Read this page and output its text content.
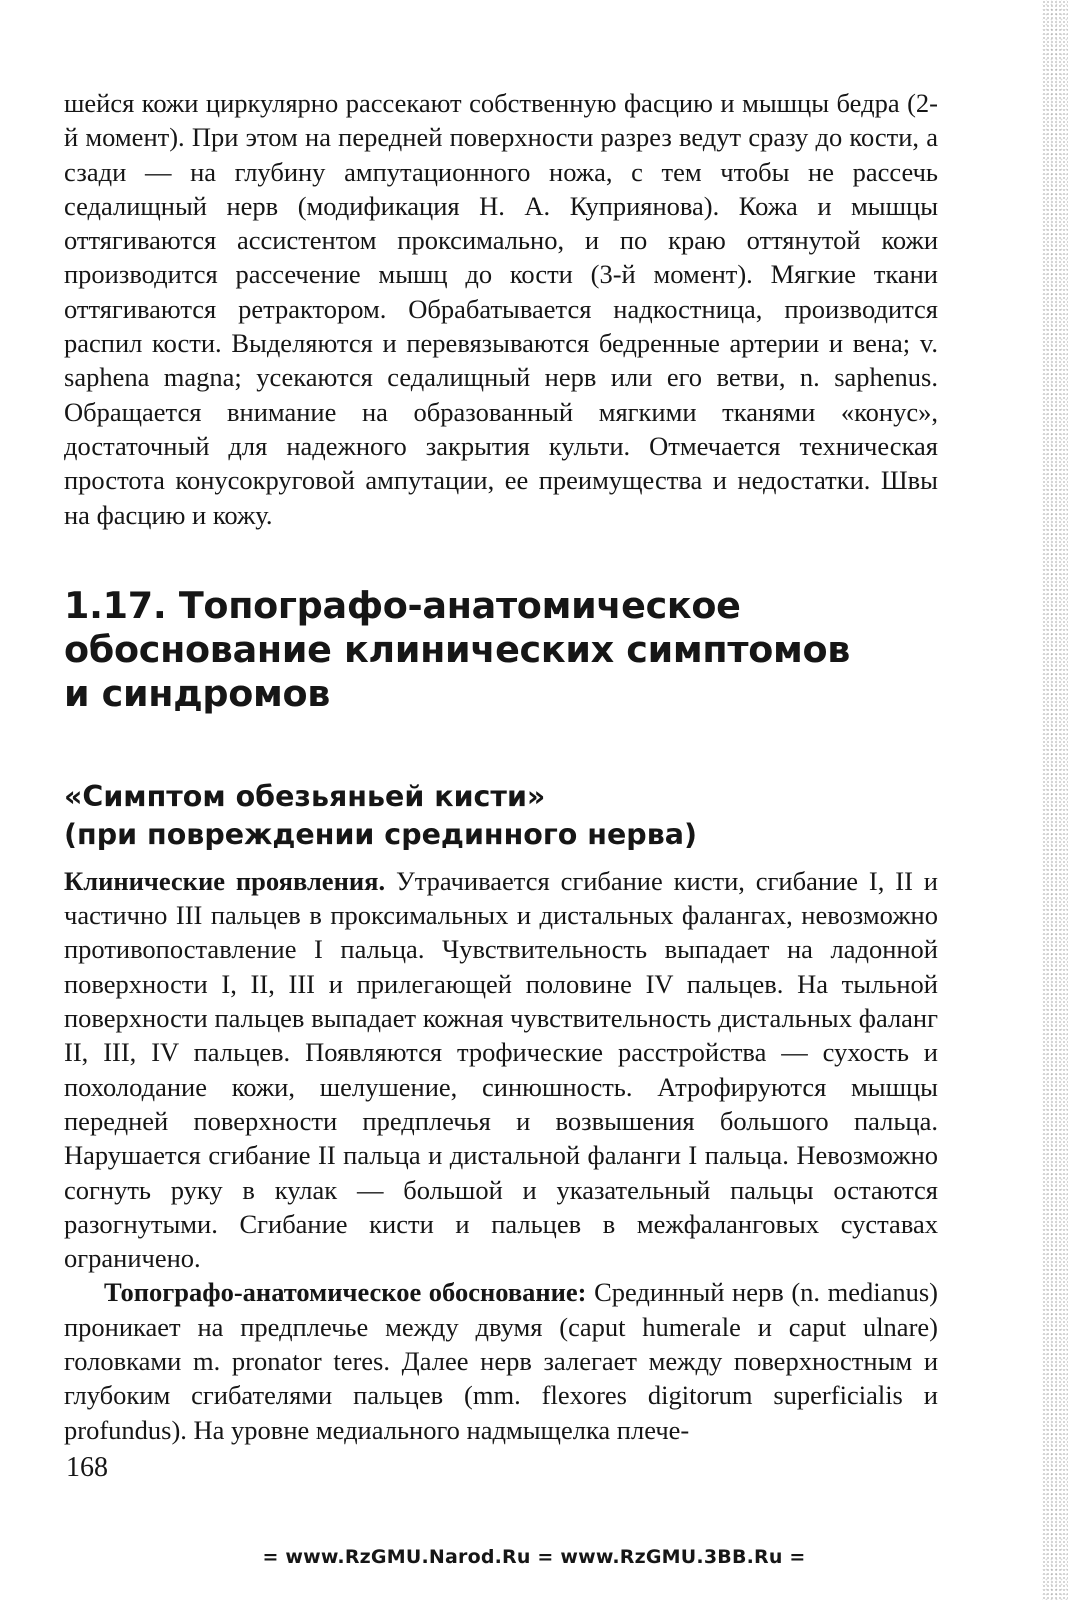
шейся кожи циркулярно рассекают собственную фасцию и мышцы бедра (2-й момент). При этом на передней поверхности разрез ведут сразу до кости, а сзади — на глубину ампутационного ножа, с тем чтобы не рассечь седалищный нерв (модификация Н. А. Куприянова). Кожа и мышцы оттягиваются ассистентом проксимально, и по краю оттянутой кожи производится рассечение мышц до кости (3-й момент). Мягкие ткани оттягиваются ретрактором. Обрабатывается надкостница, производится распил кости. Выделяются и перевязываются бедренные артерии и вена; v. saphena magna; усекаются седалищный нерв или его ветви, n. saphenus. Обращается внимание на образованный мягкими тканями «конус», достаточный для надежного закрытия культи. Отмечается техническая простота конусокруговой ампутации, ее преимущества и недостатки. Швы на фасцию и кожу.

1.17. Топографо-анатомическое
обоснование клинических симптомов
и синдромов
«Симптом обезьяньей кисти»
(при повреждении срединного нерва)

Клинические проявления. Утрачивается сгибание кисти, сгибание I, II и частично III пальцев в проксимальных и дистальных фалангах, невозможно противопоставление I пальца. Чувствительность выпадает на ладонной поверхности I, II, III и прилегающей половине IV пальцев. На тыльной поверхности пальцев выпадает кожная чувствительность дистальных фаланг II, III, IV пальцев. Появляются трофические расстройства — сухость и похолодание кожи, шелушение, синюшность. Атрофируются мышцы передней поверхности предплечья и возвышения большого пальца. Нарушается сгибание II пальца и дистальной фаланги I пальца. Невозможно согнуть руку в кулак — большой и указательный пальцы остаются разогнутыми. Сгибание кисти и пальцев в межфаланговых суставах ограничено.

Топографо-анатомическое обоснование: Срединный нерв (n. medianus) проникает на предплечье между двумя (caput humerale и caput ulnare) головками m. pronator teres. Далее нерв залегает между поверхностным и глубоким сгибателями пальцев (mm. flexores digitorum superficialis и profundus). На уровне медиального надмыщелка плече-

168
= www.RzGMU.Narod.Ru = www.RzGMU.3BB.Ru =
